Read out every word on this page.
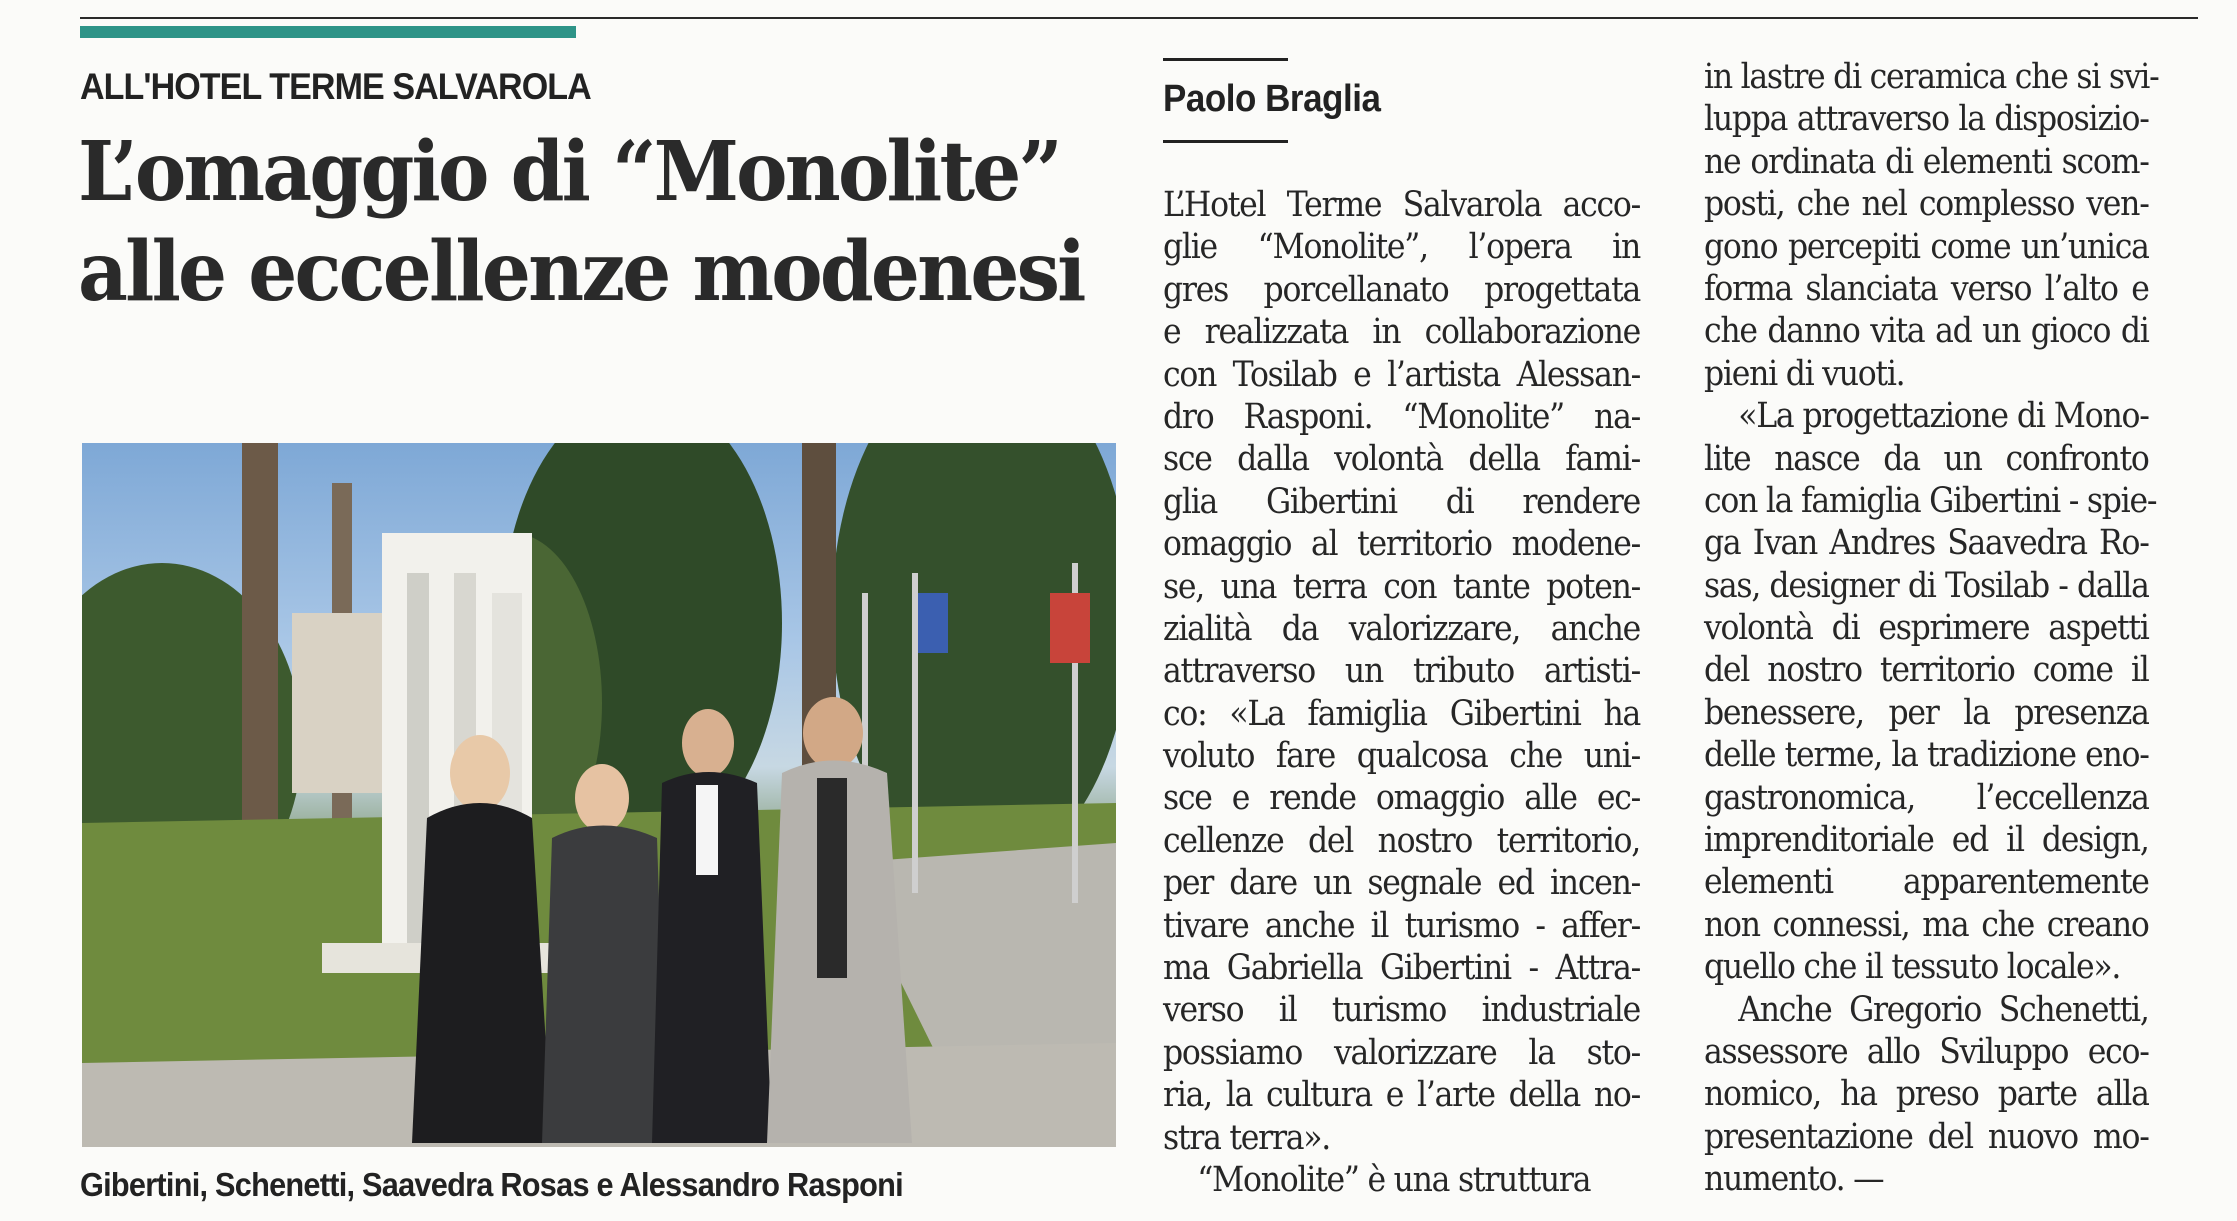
ALL'HOTEL TERME SALVAROLA
L’omaggio di “Monolite”
alle eccellenze modenesi
Gibertini, Schenetti, Saavedra Rosas e Alessandro Rasponi
Paolo Braglia
L’Hotel Terme Salvarola acco-
glie “Monolite”, l’opera in
gres porcellanato progettata
e realizzata in collaborazione
con Tosilab e l’artista Alessan-
dro Rasponi. “Monolite” na-
sce dalla volontà della fami-
glia Gibertini di rendere
omaggio al territorio modene-
se, una terra con tante poten-
zialità da valorizzare, anche
attraverso un tributo artisti-
co: «La famiglia Gibertini ha
voluto fare qualcosa che uni-
sce e rende omaggio alle ec-
cellenze del nostro territorio,
per dare un segnale ed incen-
tivare anche il turismo - affer-
ma Gabriella Gibertini - Attra-
verso il turismo industriale
possiamo valorizzare la sto-
ria, la cultura e l’arte della no-
stra terra».
“Monolite” è una struttura
in lastre di ceramica che si svi-
luppa attraverso la disposizio-
ne ordinata di elementi scom-
posti, che nel complesso ven-
gono percepiti come un’unica
forma slanciata verso l’alto e
che danno vita ad un gioco di
pieni di vuoti.
«La progettazione di Mono-
lite nasce da un confronto
con la famiglia Gibertini - spie-
ga Ivan Andres Saavedra Ro-
sas, designer di Tosilab - dalla
volontà di esprimere aspetti
del nostro territorio come il
benessere, per la presenza
delle terme, la tradizione eno-
gastronomica, l’eccellenza
imprenditoriale ed il design,
elementi apparentemente
non connessi, ma che creano
quello che il tessuto locale».
Anche Gregorio Schenetti,
assessore allo Sviluppo eco-
nomico, ha preso parte alla
presentazione del nuovo mo-
numento. —
